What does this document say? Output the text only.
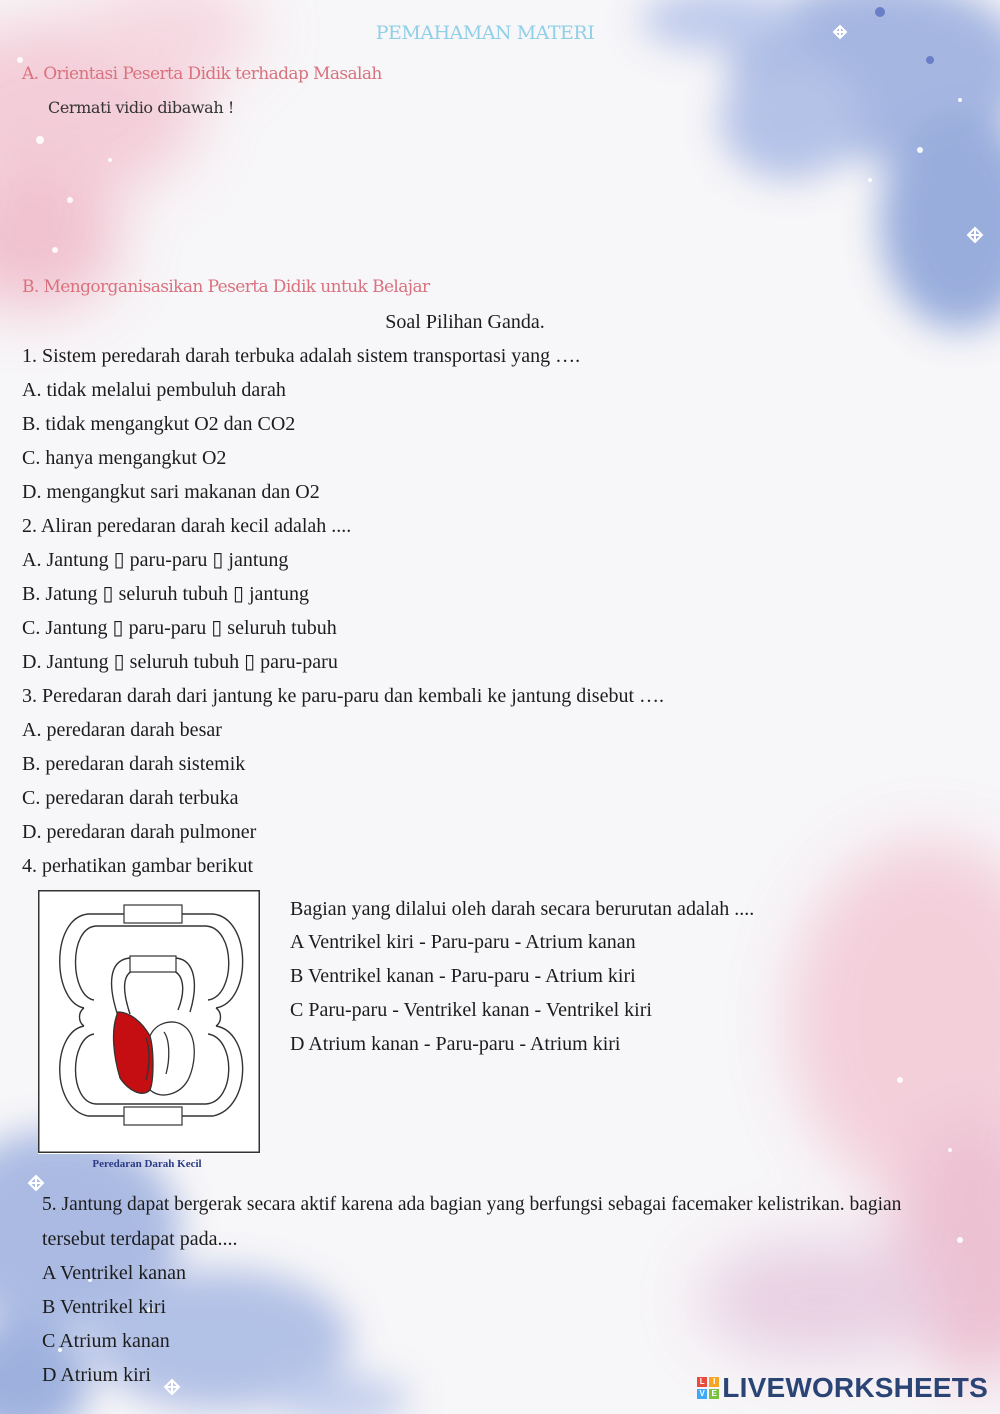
PEMAHAMAN MATERI
A. Orientasi Peserta Didik terhadap Masalah
Cermati vidio dibawah !
B. Mengorganisasikan Peserta Didik untuk Belajar
Soal Pilihan Ganda.
1. Sistem peredarah darah terbuka adalah sistem transportasi yang ….
A. tidak melalui pembuluh darah
B. tidak mengangkut O2 dan CO2
C. hanya mengangkut O2
D. mengangkut sari makanan dan O2
2. Aliran peredaran darah kecil adalah ....
A. Jantung ▯ paru-paru ▯ jantung
B. Jatung ▯ seluruh tubuh ▯ jantung
C. Jantung ▯ paru-paru ▯ seluruh tubuh
D. Jantung ▯ seluruh tubuh ▯ paru-paru
3. Peredaran darah dari jantung ke paru-paru dan kembali ke jantung disebut ….
A. peredaran darah besar
B. peredaran darah sistemik
C. peredaran darah terbuka
D. peredaran darah pulmoner
4. perhatikan gambar berikut
Peredaran Darah Kecil
Bagian yang dilalui oleh darah secara berurutan adalah ....
A Ventrikel kiri - Paru-paru - Atrium kanan
B Ventrikel kanan - Paru-paru - Atrium kiri
C Paru-paru - Ventrikel kanan - Ventrikel kiri
D Atrium kanan - Paru-paru - Atrium kiri
5. Jantung dapat bergerak secara aktif karena ada bagian yang berfungsi sebagai facemaker kelistrikan. bagian
tersebut terdapat pada....
A Ventrikel kanan
B Ventrikel kiri
C Atrium kanan
D Atrium kiri	L	I
V E LIVEWORKSHEETS
